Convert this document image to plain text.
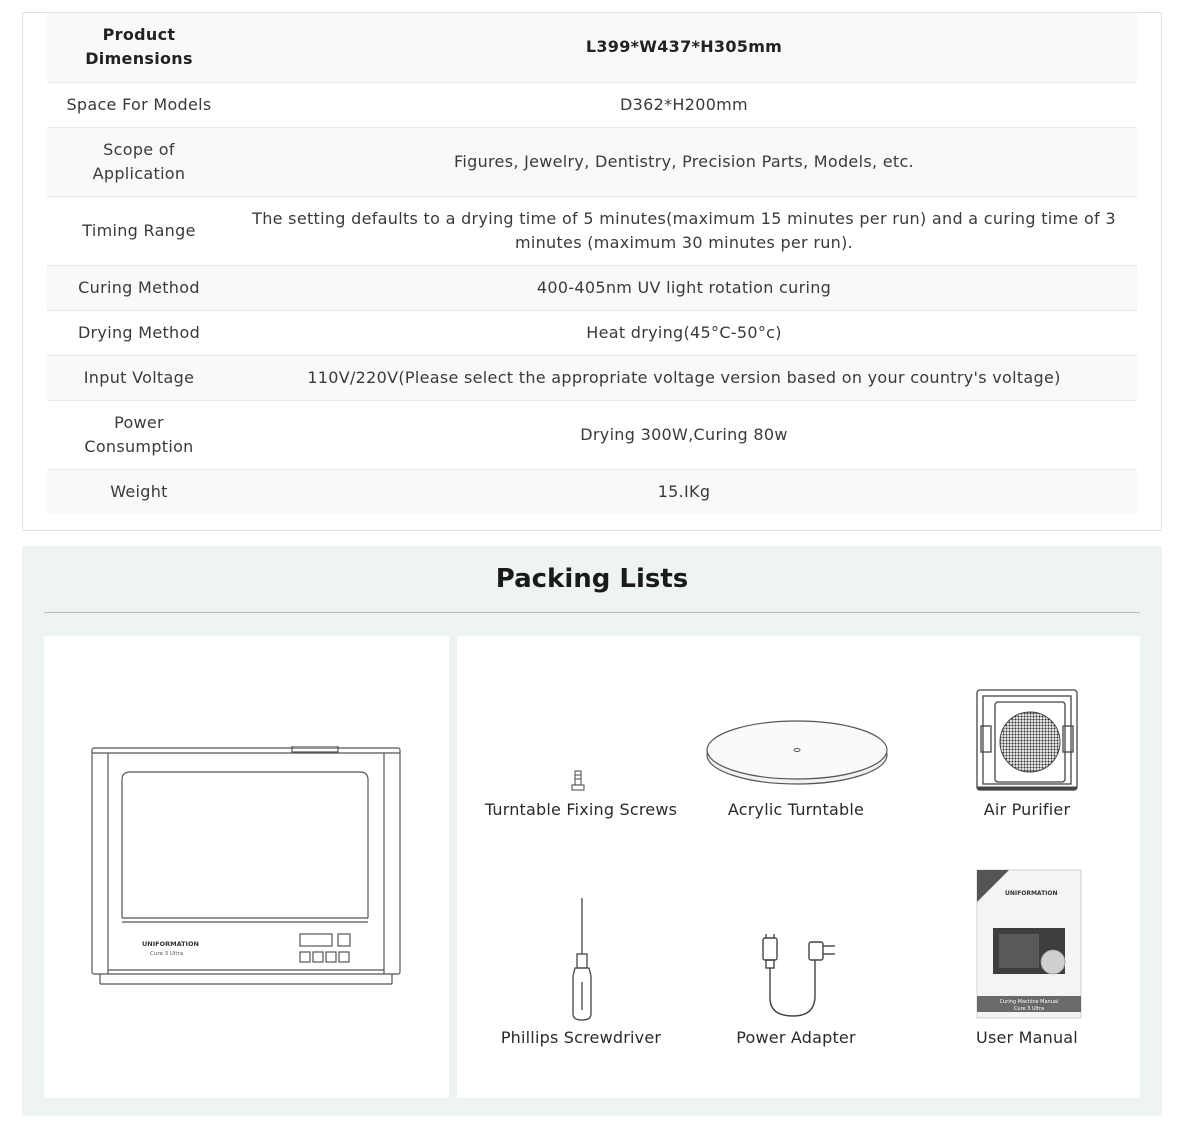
Product Dimensions	L399*W437*H305mm
Space For Models	D362*H200mm
Scope of Application	Figures, Jewelry, Dentistry, Precision Parts, Models, etc.
Timing Range	The setting defaults to a drying time of 5 minutes(maximum 15 minutes per run) and a curing time of 3 minutes (maximum 30 minutes per run).
Curing Method	400-405nm UV light rotation curing
Drying Method	Heat drying(45°C-50°c)
Input Voltage	110V/220V(Please select the appropriate voltage version based on your country's voltage)
Power Consumption	Drying 300W,Curing 80w
Weight	15.IKg
Packing Lists
UNIFORMATION
Cure 3 Ultra
Turntable Fixing Screws	Acrylic Turntable	Air Purifier
Phillips Screwdriver	Power Adapter
UNIFORMATION
Curing Machine Manual
Cure 3 Ultra
User Manual
